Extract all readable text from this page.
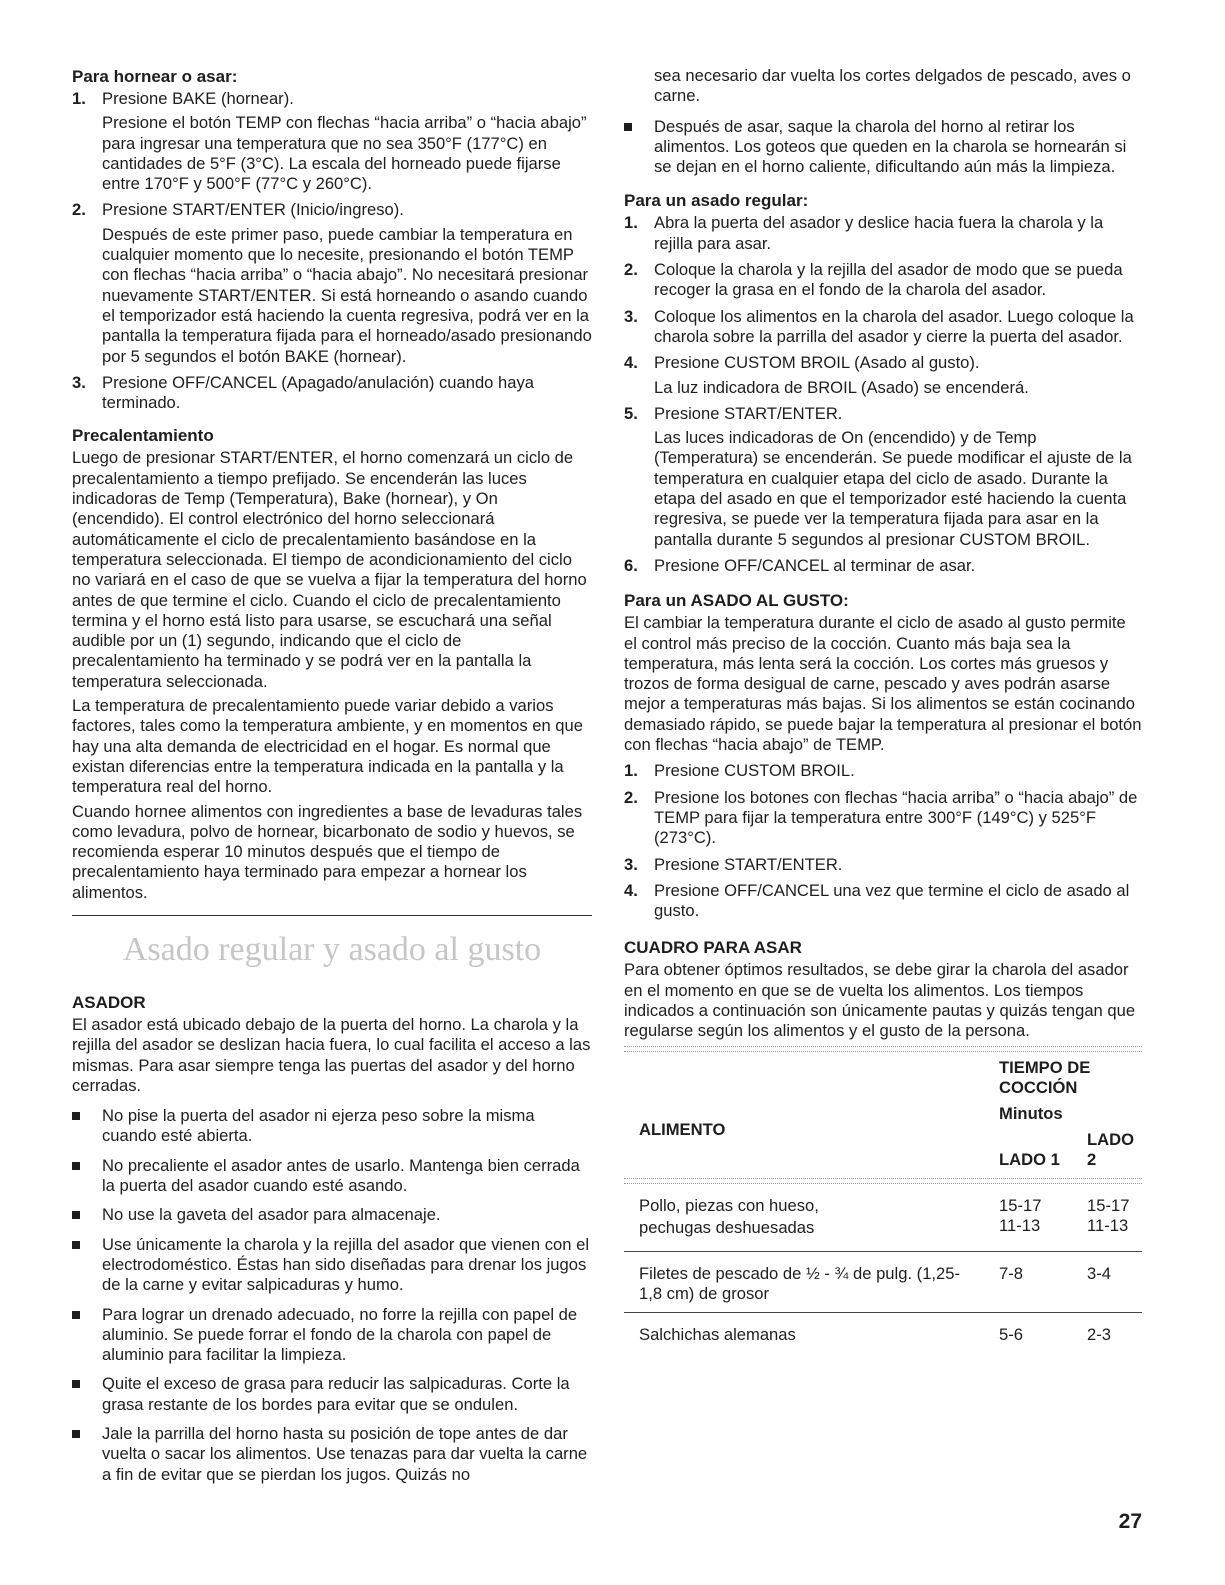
Para hornear o asar:
1. Presione BAKE (hornear).
Presione el botón TEMP con flechas “hacia arriba” o “hacia abajo” para ingresar una temperatura que no sea 350°F (177°C) en cantidades de 5°F (3°C). La escala del horneado puede fijarse entre 170°F y 500°F (77°C y 260°C).
2. Presione START/ENTER (Inicio/ingreso).
Después de este primer paso, puede cambiar la temperatura en cualquier momento que lo necesite, presionando el botón TEMP con flechas “hacia arriba” o “hacia abajo”. No necesitará presionar nuevamente START/ENTER. Si está horneando o asando cuando el temporizador está haciendo la cuenta regresiva, podrá ver en la pantalla la temperatura fijada para el horneado/asado presionando por 5 segundos el botón BAKE (hornear).
3. Presione OFF/CANCEL (Apagado/anulación) cuando haya terminado.
Precalentamiento

Luego de presionar START/ENTER, el horno comenzará un ciclo de precalentamiento a tiempo prefijado. Se encenderán las luces indicadoras de Temp (Temperatura), Bake (hornear), y On (encendido). El control electrónico del horno seleccionará automáticamente el ciclo de precalentamiento basándose en la temperatura seleccionada. El tiempo de acondicionamiento del ciclo no variará en el caso de que se vuelva a fijar la temperatura del horno antes de que termine el ciclo. Cuando el ciclo de precalentamiento termina y el horno está listo para usarse, se escuchará una señal audible por un (1) segundo, indicando que el ciclo de precalentamiento ha terminado y se podrá ver en la pantalla la temperatura seleccionada.

La temperatura de precalentamiento puede variar debido a varios factores, tales como la temperatura ambiente, y en momentos en que hay una alta demanda de electricidad en el hogar. Es normal que existan diferencias entre la temperatura indicada en la pantalla y la temperatura real del horno.

Cuando hornee alimentos con ingredientes a base de levaduras tales como levadura, polvo de hornear, bicarbonato de sodio y huevos, se recomienda esperar 10 minutos después que el tiempo de precalentamiento haya terminado para empezar a hornear los alimentos.

Asado regular y asado al gusto
ASADOR

El asador está ubicado debajo de la puerta del horno. La charola y la rejilla del asador se deslizan hacia fuera, lo cual facilita el acceso a las mismas. Para asar siempre tenga las puertas del asador y del horno cerradas.

No pise la puerta del asador ni ejerza peso sobre la misma cuando esté abierta.
No precaliente el asador antes de usarlo. Mantenga bien cerrada la puerta del asador cuando esté asando.
No use la gaveta del asador para almacenaje.
Use únicamente la charola y la rejilla del asador que vienen con el electrodoméstico. Éstas han sido diseñadas para drenar los jugos de la carne y evitar salpicaduras y humo.
Para lograr un drenado adecuado, no forre la rejilla con papel de aluminio. Se puede forrar el fondo de la charola con papel de aluminio para facilitar la limpieza.
Quite el exceso de grasa para reducir las salpicaduras. Corte la grasa restante de los bordes para evitar que se ondulen.
Jale la parrilla del horno hasta su posición de tope antes de dar vuelta o sacar los alimentos. Use tenazas para dar vuelta la carne a fin de evitar que se pierdan los jugos. Quizás no

sea necesario dar vuelta los cortes delgados de pescado, aves o carne.

Después de asar, saque la charola del horno al retirar los alimentos. Los goteos que queden en la charola se hornearán si se dejan en el horno caliente, dificultando aún más la limpieza.
Para un asado regular:
1. Abra la puerta del asador y deslice hacia fuera la charola y la rejilla para asar.
2. Coloque la charola y la rejilla del asador de modo que se pueda recoger la grasa en el fondo de la charola del asador.
3. Coloque los alimentos en la charola del asador. Luego coloque la charola sobre la parrilla del asador y cierre la puerta del asador.
4. Presione CUSTOM BROIL (Asado al gusto).
La luz indicadora de BROIL (Asado) se encenderá.
5. Presione START/ENTER.
Las luces indicadoras de On (encendido) y de Temp (Temperatura) se encenderán. Se puede modificar el ajuste de la temperatura en cualquier etapa del ciclo de asado. Durante la etapa del asado en que el temporizador esté haciendo la cuenta regresiva, se puede ver la temperatura fijada para asar en la pantalla durante 5 segundos al presionar CUSTOM BROIL.
6. Presione OFF/CANCEL al terminar de asar.
Para un ASADO AL GUSTO:

El cambiar la temperatura durante el ciclo de asado al gusto permite el control más preciso de la cocción. Cuanto más baja sea la temperatura, más lenta será la cocción. Los cortes más gruesos y trozos de forma desigual de carne, pescado y aves podrán asarse mejor a temperaturas más bajas. Si los alimentos se están cocinando demasiado rápido, se puede bajar la temperatura al presionar el botón con flechas “hacia abajo” de TEMP.

1. Presione CUSTOM BROIL.
2. Presione los botones con flechas “hacia arriba” o “hacia abajo” de TEMP para fijar la temperatura entre 300°F (149°C) y 525°F (273°C).
3. Presione START/ENTER.
4. Presione OFF/CANCEL una vez que termine el ciclo de asado al gusto.
CUADRO PARA ASAR

Para obtener óptimos resultados, se debe girar la charola del asador en el momento en que se de vuelta los alimentos. Los tiempos indicados a continuación son únicamente pautas y quizás tengan que regularse según los alimentos y el gusto de la persona.

ALIMENTO	TIEMPO DE COCCIÓN
Minutos	

	LADO 1	LADO 2

Pollo, piezas con hueso,	15-17	15-17
pechugas deshuesadas	11-13	11-13
Filetes de pescado de ½ - ¾ de pulg. (1,25-1,8 cm) de grosor	7-8	3-4
Salchichas alemanas	5-6	2-3
27
